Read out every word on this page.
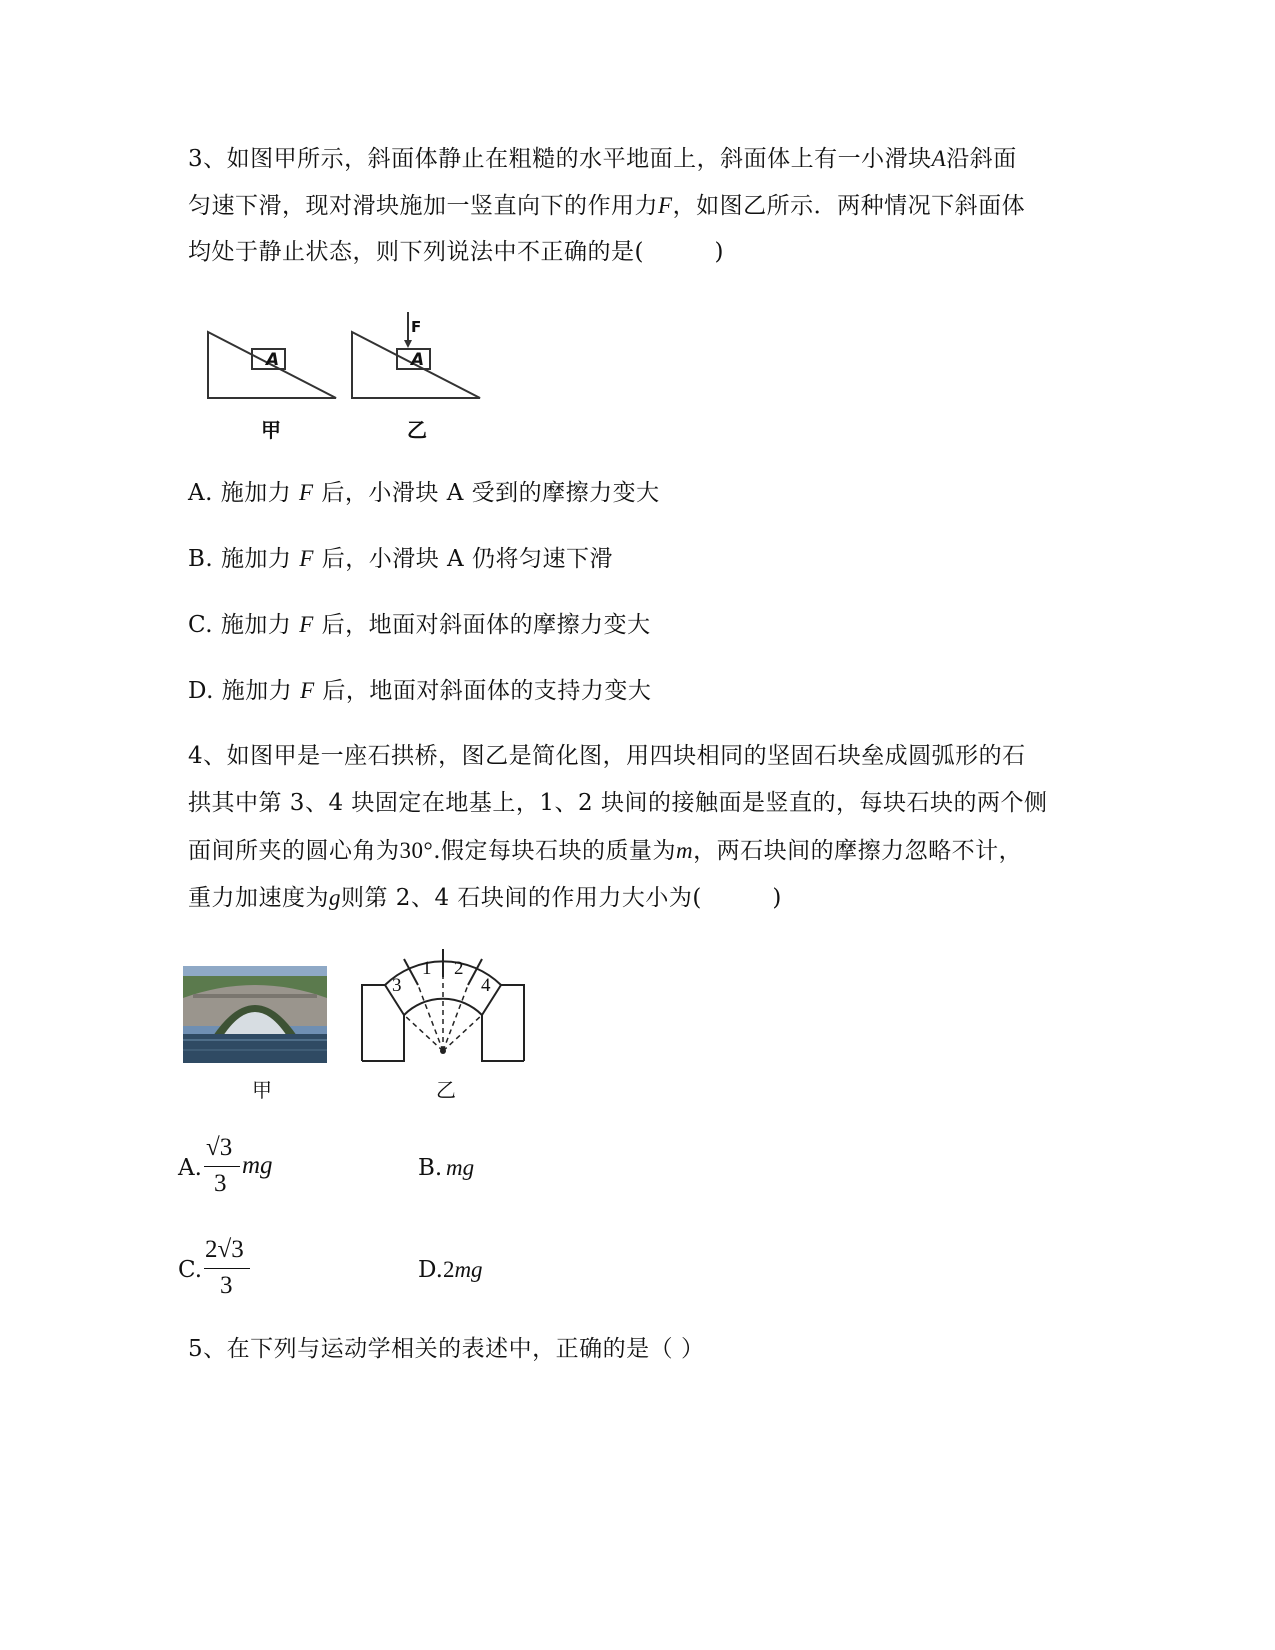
3、如图甲所示，斜面体静止在粗糙的水平地面上，斜面体上有一小滑块A沿斜面
匀速下滑，现对滑块施加一竖直向下的作用力F，如图乙所示．两种情况下斜面体
均处于静止状态，则下列说法中不正确的是(　　　)
A	A
F
甲	乙
A. 施加力 F 后，小滑块 A 受到的摩擦力变大
B. 施加力 F 后，小滑块 A 仍将匀速下滑
C. 施加力 F 后，地面对斜面体的摩擦力变大
D. 施加力 F 后，地面对斜面体的支持力变大
4、如图甲是一座石拱桥，图乙是简化图，用四块相同的坚固石块垒成圆弧形的石
拱其中第 3、4 块固定在地基上，1、2 块间的接触面是竖直的，每块石块的两个侧
面间所夹的圆心角为30°.假定每块石块的质量为m，两石块间的摩擦力忽略不计，
重力加速度为g则第 2、4 石块间的作用力大小为(　　　)
1 2
3	4
甲	乙
A.
√3
3
mg	B. mg
C.
2√3
3
D.2mg
5、在下列与运动学相关的表述中，正确的是（ ）
